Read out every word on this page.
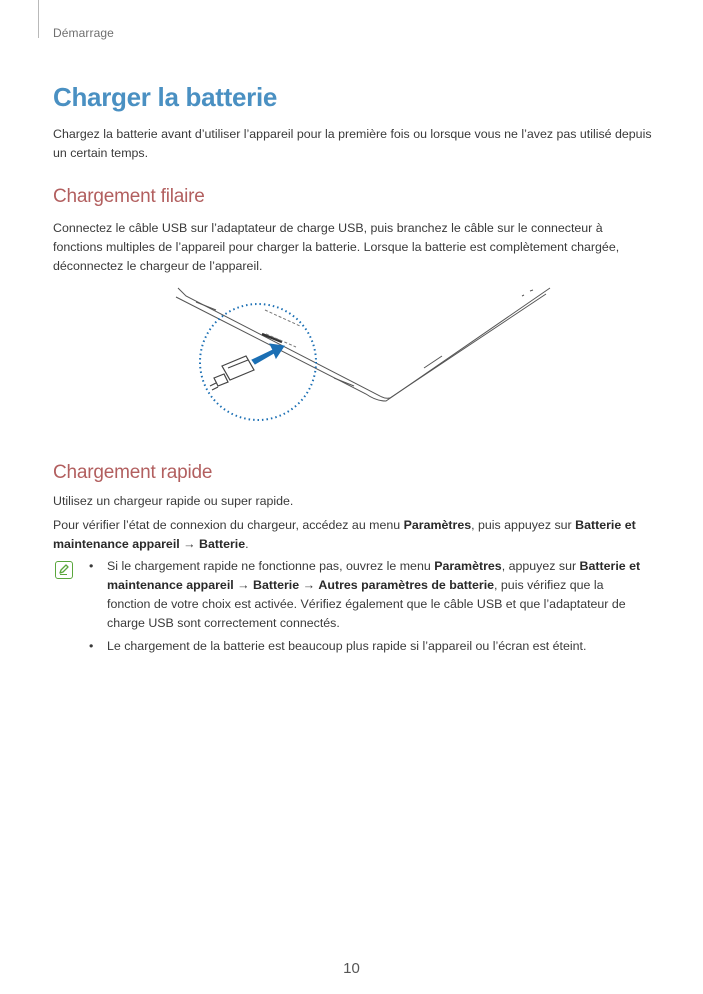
Démarrage
Charger la batterie

Chargez la batterie avant d’utiliser l’appareil pour la première fois ou lorsque vous ne l’avez pas utilisé depuis un certain temps.

Chargement filaire

Connectez le câble USB sur l’adaptateur de charge USB, puis branchez le câble sur le connecteur à fonctions multiples de l’appareil pour charger la batterie. Lorsque la batterie est complètement chargée, déconnectez le chargeur de l’appareil.

Chargement rapide

Utilisez un chargeur rapide ou super rapide.

Pour vérifier l’état de connexion du chargeur, accédez au menu Paramètres, puis appuyez sur Batterie et maintenance appareil → Batterie.

• Si le chargement rapide ne fonctionne pas, ouvrez le menu Paramètres, appuyez sur Batterie et maintenance appareil → Batterie → Autres paramètres de batterie, puis vérifiez que la fonction de votre choix est activée. Vérifiez également que le câble USB et que l’adaptateur de charge USB sont correctement connectés.
• Le chargement de la batterie est beaucoup plus rapide si l’appareil ou l’écran est éteint.
10
